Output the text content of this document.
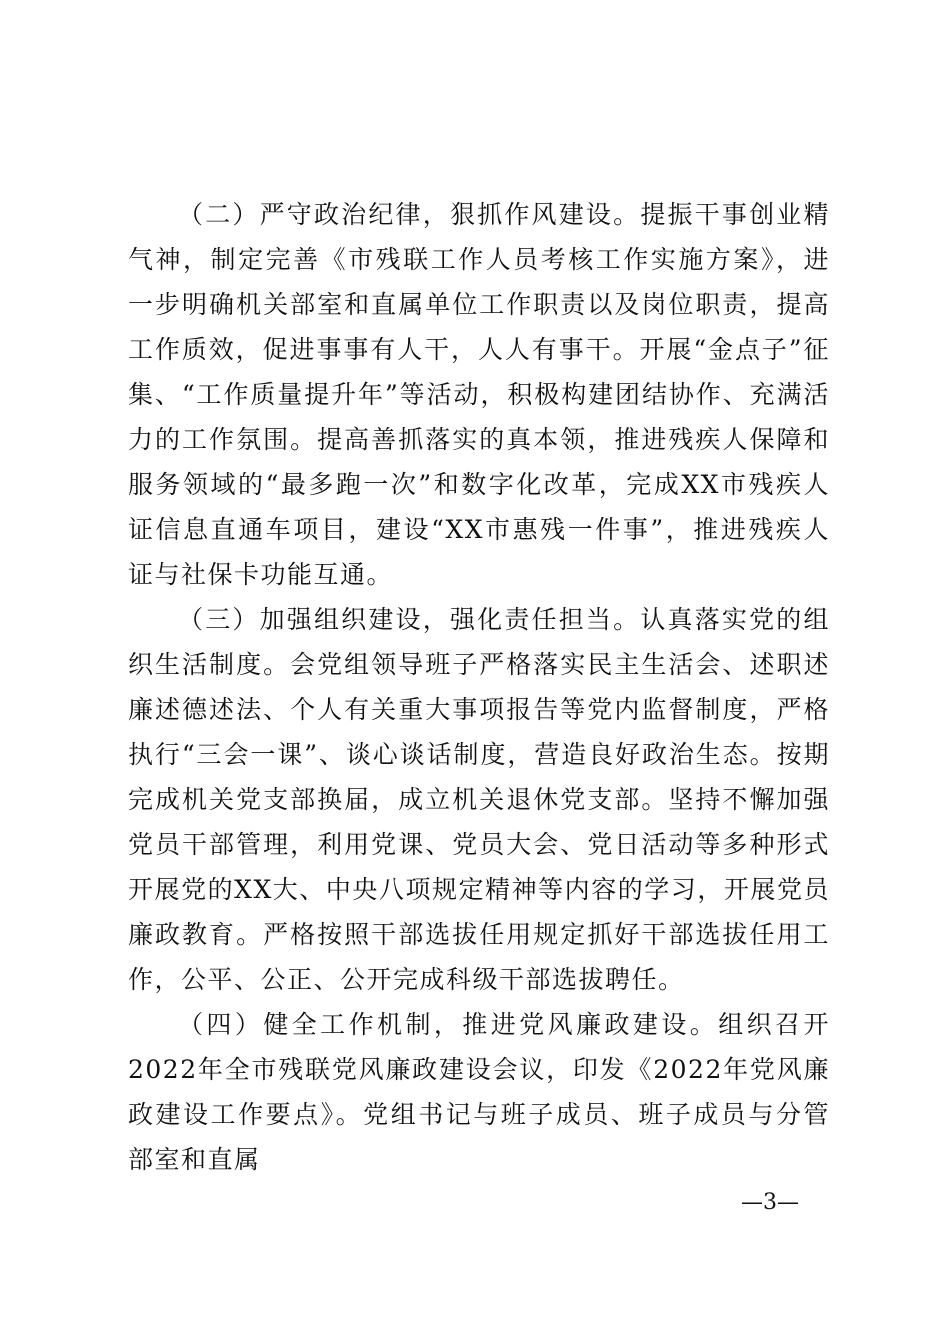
（二）严守政治纪律，狠抓作风建设。提振干事创业精气神，制定完善《市残联工作人员考核工作实施方案》，进一步明确机关部室和直属单位工作职责以及岗位职责，提高工作质效，促进事事有人干，人人有事干。开展“金点子”征集、“工作质量提升年”等活动，积极构建团结协作、充满活力的工作氛围。提高善抓落实的真本领，推进残疾人保障和服务领域的“最多跑一次”和数字化改革，完成XX市残疾人证信息直通车项目，建设“XX市惠残一件事”，推进残疾人证与社保卡功能互通。

（三）加强组织建设，强化责任担当。认真落实党的组织生活制度。会党组领导班子严格落实民主生活会、述职述廉述德述法、个人有关重大事项报告等党内监督制度，严格执行“三会一课”、谈心谈话制度，营造良好政治生态。按期完成机关党支部换届，成立机关退休党支部。坚持不懈加强党员干部管理，利用党课、党员大会、党日活动等多种形式开展党的XX大、中央八项规定精神等内容的学习，开展党员廉政教育。严格按照干部选拔任用规定抓好干部选拔任用工作，公平、公正、公开完成科级干部选拔聘任。

（四）健全工作机制，推进党风廉政建设。组织召开2022年全市残联党风廉政建设会议，印发《2022年党风廉政建设工作要点》。党组书记与班子成员、班子成员与分管部室和直属

—3—
